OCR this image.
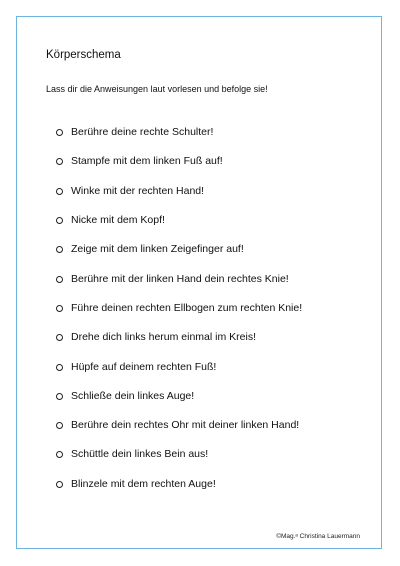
Körperschema
Lass dir die Anweisungen laut vorlesen und befolge sie!
Berühre deine rechte Schulter!
Stampfe mit dem linken Fuß auf!
Winke mit der rechten Hand!
Nicke mit dem Kopf!
Zeige mit dem linken Zeigefinger auf!
Berühre mit der linken Hand dein rechtes Knie!
Führe deinen rechten Ellbogen zum rechten Knie!
Drehe dich links herum einmal im Kreis!
Hüpfe auf deinem rechten Fuß!
Schließe dein linkes Auge!
Berühre dein rechtes Ohr mit deiner linken Hand!
Schüttle dein linkes Bein aus!
Blinzele mit dem rechten Auge!
©Mag.ᵃ Christina Lauermann
